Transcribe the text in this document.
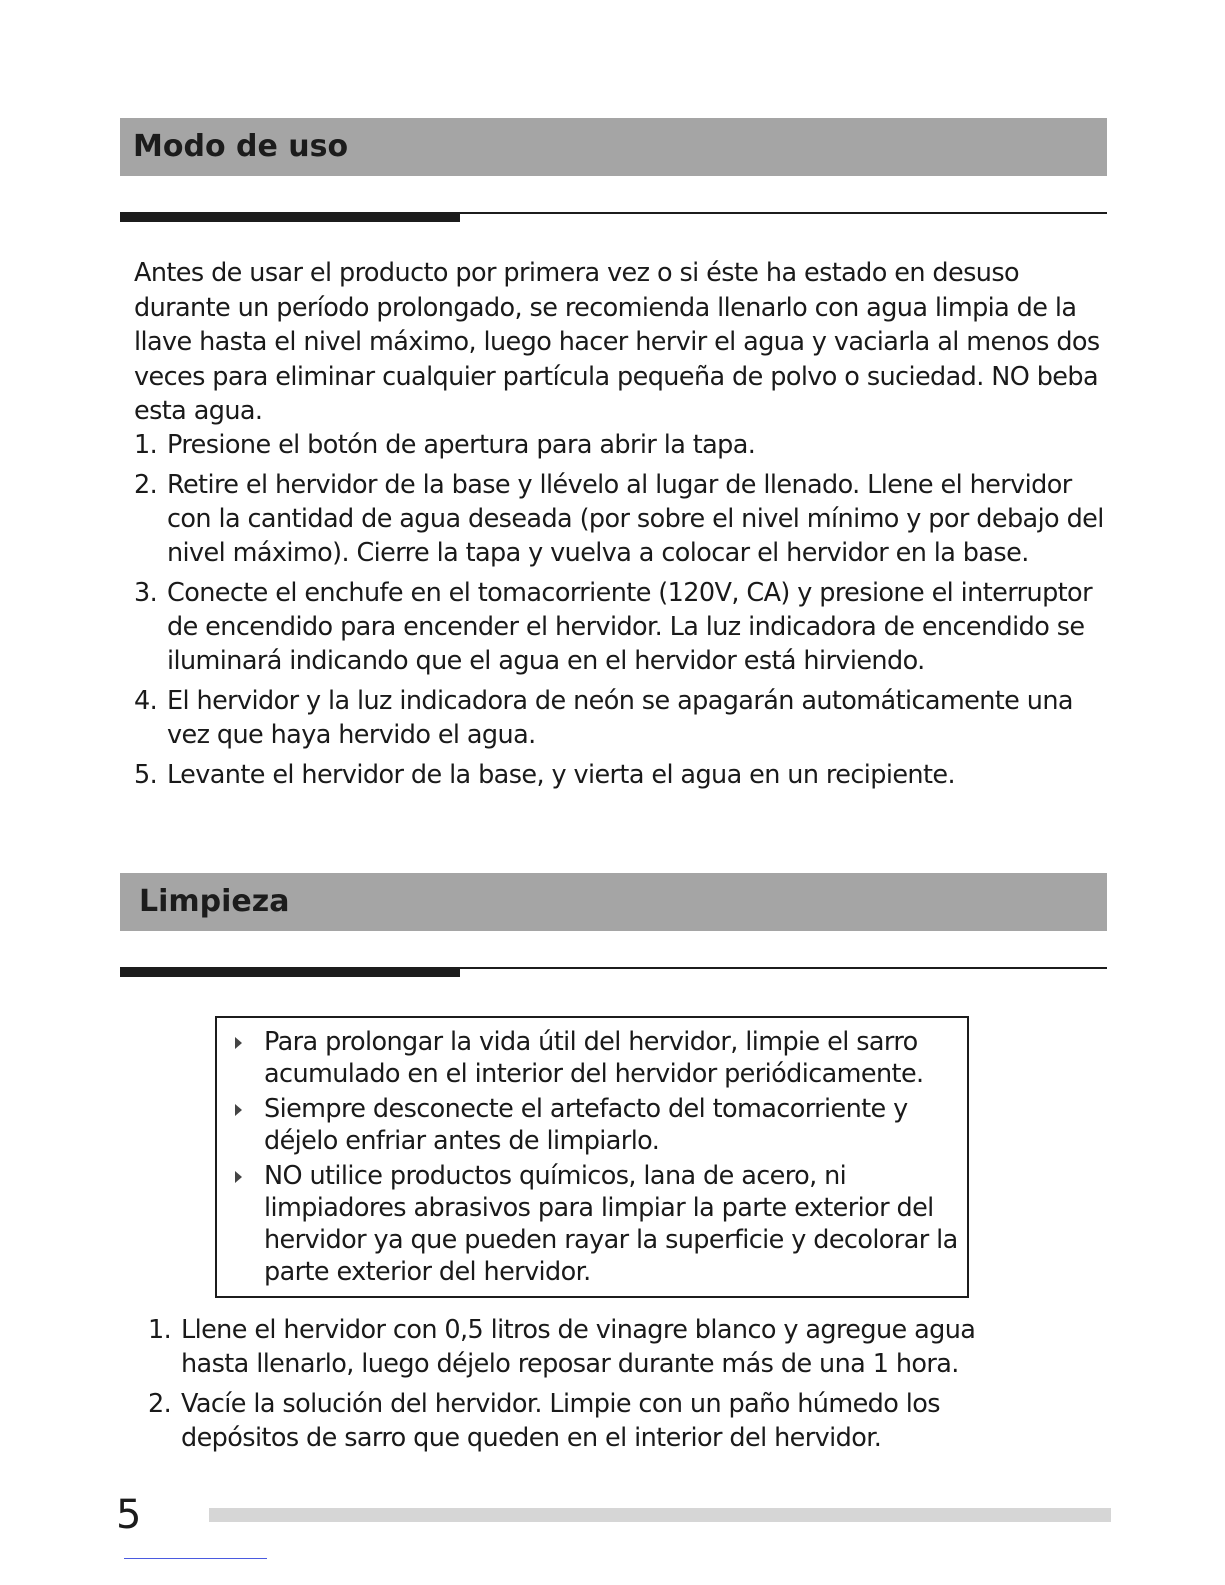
Modo de uso

Antes de usar el producto por primera vez o si éste ha estado en desuso durante un período prolongado, se recomienda llenarlo con agua limpia de la llave hasta el nivel máximo, luego hacer hervir el agua y vaciarla al menos dos veces para eliminar cualquier partícula pequeña de polvo o suciedad. NO beba esta agua.

1. Presione el botón de apertura para abrir la tapa.
2. Retire el hervidor de la base y llévelo al lugar de llenado. Llene el hervidor con la cantidad de agua deseada (por sobre el nivel mínimo y por debajo del nivel máximo). Cierre la tapa y vuelva a colocar el hervidor en la base.
3. Conecte el enchufe en el tomacorriente (120V, CA) y presione el interruptor de encendido para encender el hervidor. La luz indicadora de encendido se iluminará indicando que el agua en el hervidor está hirviendo.
4. El hervidor y la luz indicadora de neón se apagarán automáticamente una vez que haya hervido el agua.
5. Levante el hervidor de la base, y vierta el agua en un recipiente.
Limpieza
Para prolongar la vida útil del hervidor, limpie el sarro acumulado en el interior del hervidor periódicamente.
Siempre desconecte el artefacto del tomacorriente y déjelo enfriar antes de limpiarlo.
NO utilice productos químicos, lana de acero, ni limpiadores abrasivos para limpiar la parte exterior del hervidor ya que pueden rayar la superficie y decolorar la parte exterior del hervidor.
1. Llene el hervidor con 0,5 litros de vinagre blanco y agregue agua hasta llenarlo, luego déjelo reposar durante más de una 1 hora.
2. Vacíe la solución del hervidor. Limpie con un paño húmedo los depósitos de sarro que queden en el interior del hervidor.
5
